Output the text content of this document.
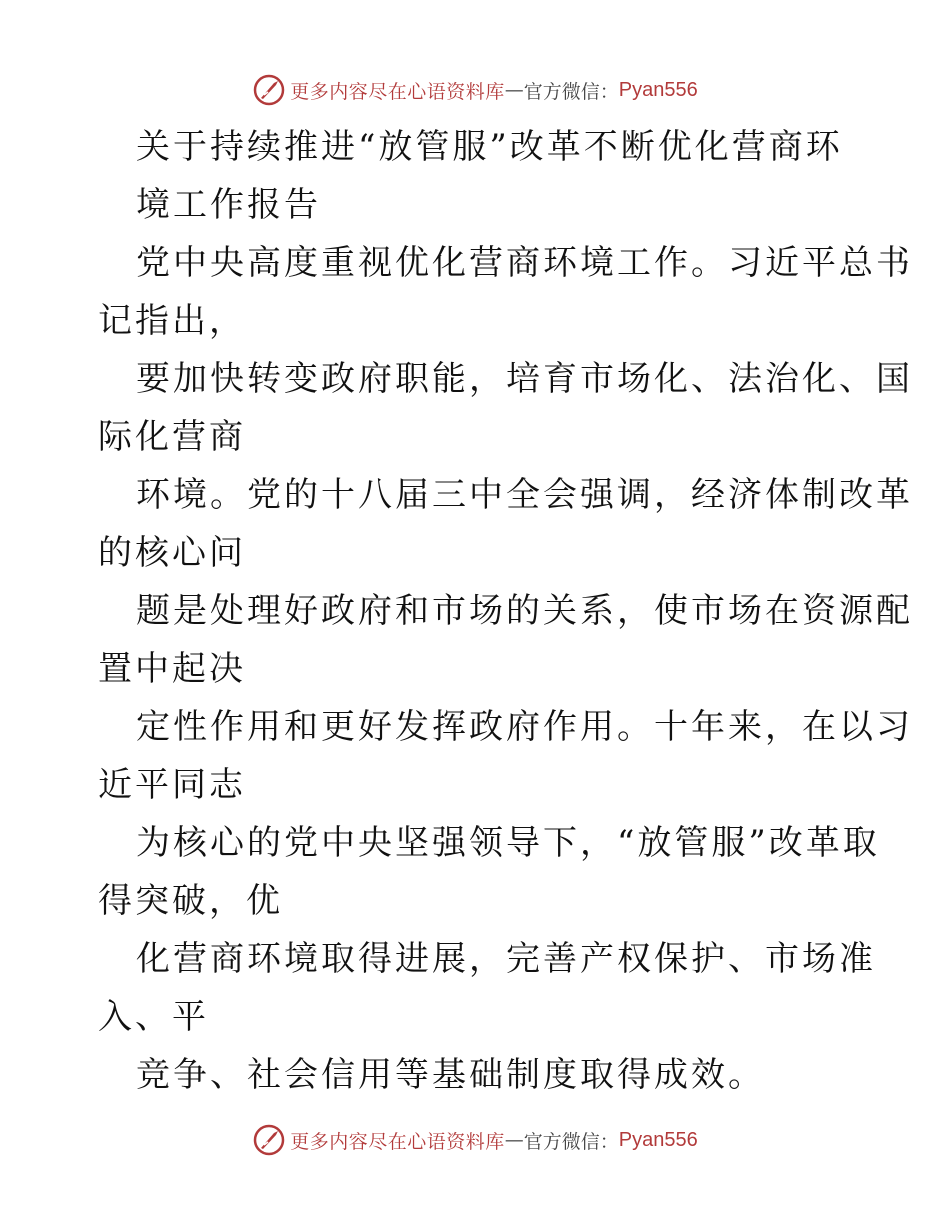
更多内容尽在心语资料库 — 官方微信： Pyan556
关于持续推进“放管服”改革不断优化营商环
境工作报告
党中央高度重视优化营商环境工作。习近平总书
记指出，
要加快转变政府职能，培育市场化、法治化、国
际化营商
环境。党的十八届三中全会强调，经济体制改革
的核心问
题是处理好政府和市场的关系，使市场在资源配
置中起决
定性作用和更好发挥政府作用。十年来，在以习
近平同志
为核心的党中央坚强领导下，“放管服”改革取
得突破，优
化营商环境取得进展，完善产权保护、市场准
入、平
竞争、社会信用等基础制度取得成效。
更多内容尽在心语资料库 — 官方微信： Pyan556
